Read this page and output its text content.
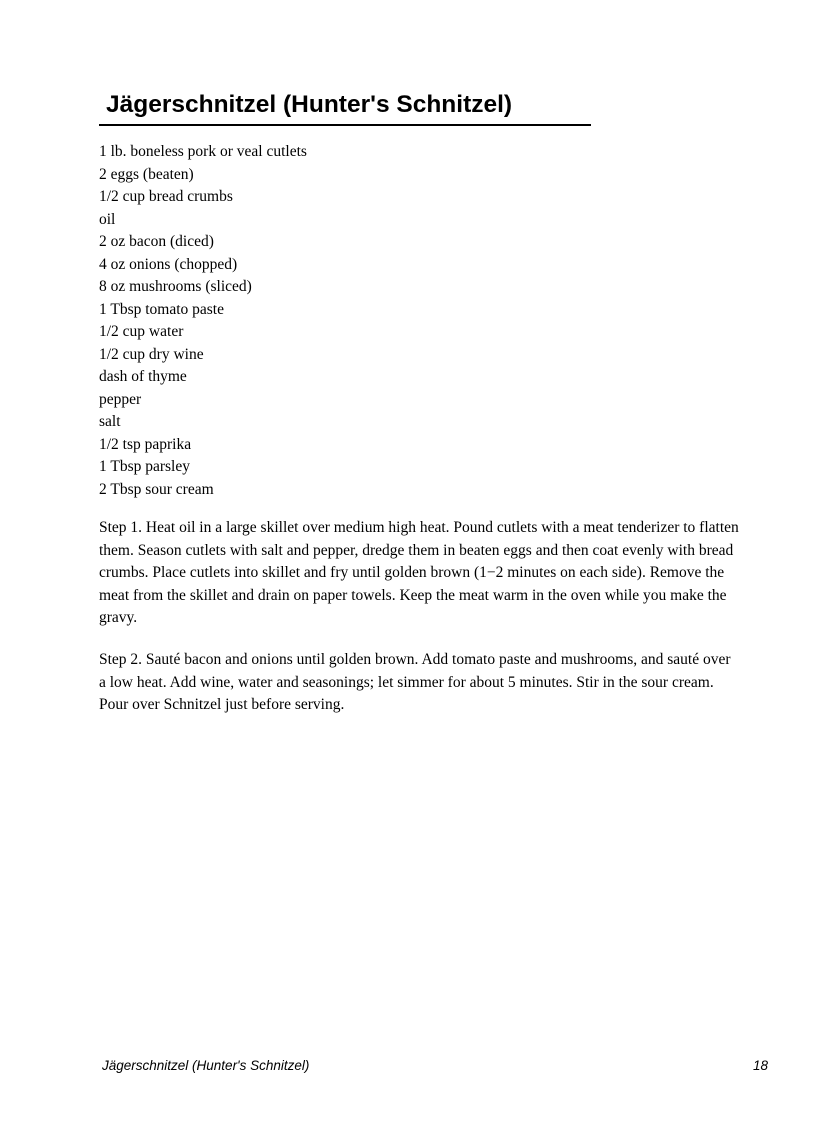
Jägerschnitzel (Hunter's Schnitzel)
1 lb. boneless pork or veal cutlets
2 eggs (beaten)
1/2 cup bread crumbs
oil
2 oz bacon (diced)
4 oz onions (chopped)
8 oz mushrooms (sliced)
1 Tbsp tomato paste
1/2 cup water
1/2 cup dry wine
dash of thyme
pepper
salt
1/2 tsp paprika
1 Tbsp parsley
2 Tbsp sour cream

Step 1. Heat oil in a large skillet over medium high heat. Pound cutlets with a meat tenderizer to flatten them. Season cutlets with salt and pepper, dredge them in beaten eggs and then coat evenly with bread crumbs. Place cutlets into skillet and fry until golden brown (1−2 minutes on each side). Remove the meat from the skillet and drain on paper towels. Keep the meat warm in the oven while you make the gravy.

Step 2. Sauté bacon and onions until golden brown. Add tomato paste and mushrooms, and sauté over a low heat. Add wine, water and seasonings; let simmer for about 5 minutes. Stir in the sour cream. Pour over Schnitzel just before serving.

Jägerschnitzel (Hunter's Schnitzel)	18
